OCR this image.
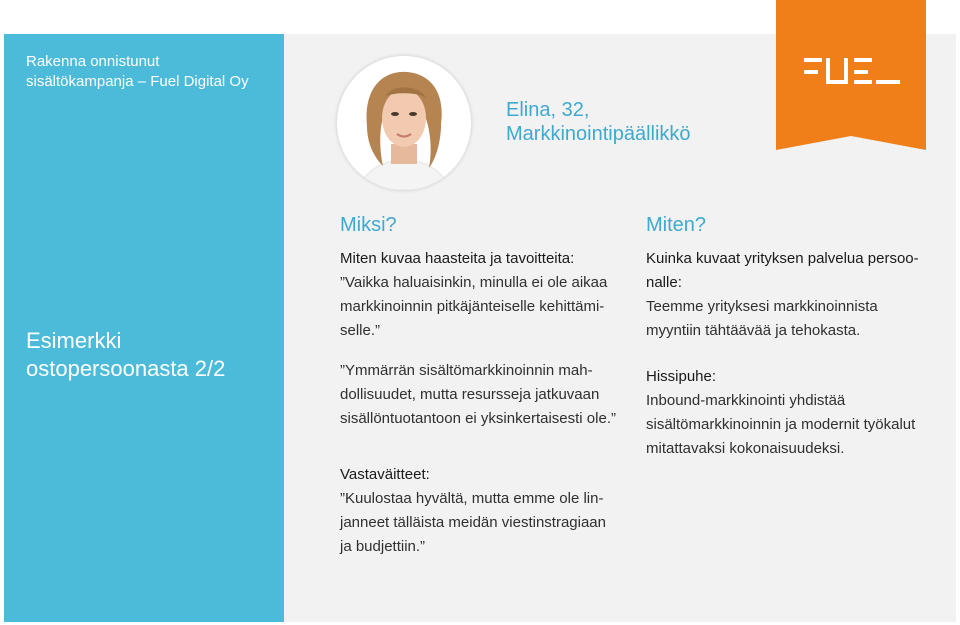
Rakenna onnistunut
sisältökampanja – Fuel Digital Oy
Esimerkki
ostopersoonasta 2/2
Elina, 32,
Markkinointipäällikkö
Miksi?
Miten kuvaa haasteita ja tavoitteita:
”Vaikka haluaisinkin, minulla ei ole aikaa
markkinoinnin pitkäjänteiselle kehittämi-
selle.”
”Ymmärrän sisältömarkkinoinnin mah-
dollisuudet, mutta resursseja jatkuvaan
sisällöntuotantoon ei yksinkertaisesti ole.”
Miten?
Kuinka kuvaat yrityksen palvelua persoo-
nalle:
Teemme yrityksesi markkinoinnista
myyntiin tähtäävää ja tehokasta.
Hissipuhe:
Inbound-markkinointi yhdistää
sisältömarkkinoinnin ja modernit työkalut
mitattavaksi kokonaisuudeksi.
Vastaväitteet:
”Kuulostaa hyvältä, mutta emme ole lin-
janneet tälläista meidän viestinstragiaan
ja budjettiin.”
